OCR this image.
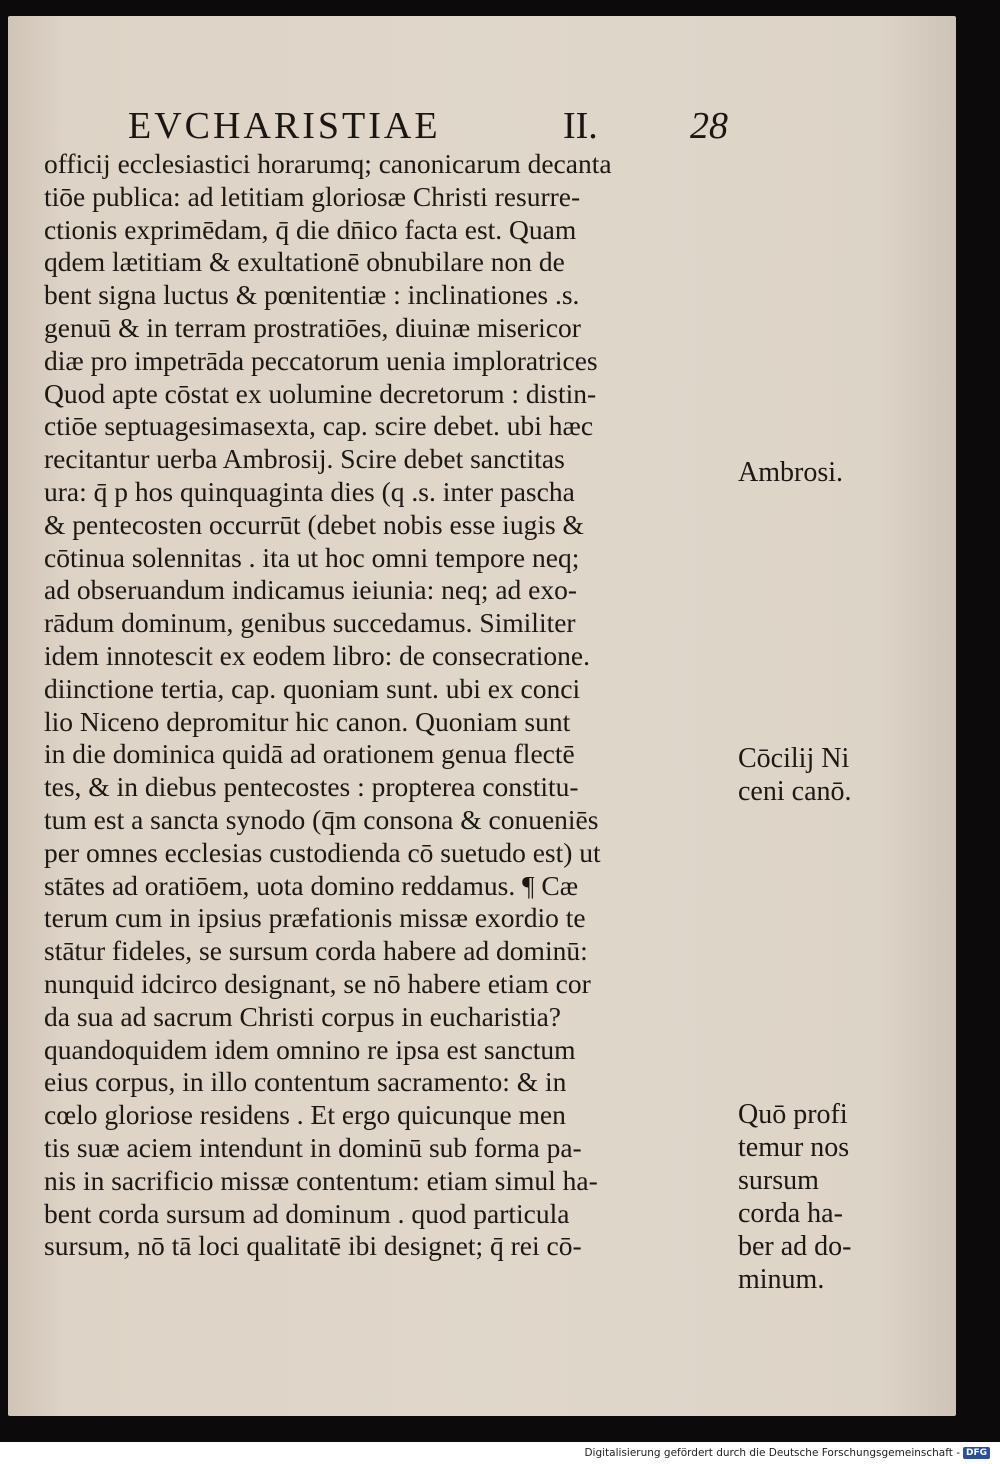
EVCHARISTIAE	II. 28
officij ecclesiastici horarumq; canonicarum decanta
tiōe publica: ad letitiam gloriosæ Christi resurre-
ctionis exprimēdam, q̄ die dn̄ico facta est. Quam
qdem lætitiam & exultationē obnubilare non de
bent signa luctus & pœnitentiæ : inclinationes .s.
genuū & in terram prostratiōes, diuinæ misericor
diæ pro impetrāda peccatorum uenia imploratrices
Quod apte cōstat ex uolumine decretorum : distin-
ctiōe septuagesimasexta, cap. scire debet. ubi hæc
recitantur uerba Ambrosij. Scire debet sanctitas
ura: q̄ p hos quinquaginta dies (q .s. inter pascha
& pentecosten occurrūt (debet nobis esse iugis &
cōtinua solennitas . ita ut hoc omni tempore neq;
ad obseruandum indicamus ieiunia: neq; ad exo-
rādum dominum, genibus succedamus. Similiter
idem innotescit ex eodem libro: de consecratione.
diinctione tertia, cap. quoniam sunt. ubi ex conci
lio Niceno depromitur hic canon. Quoniam sunt
in die dominica quidā ad orationem genua flectē
tes, & in diebus pentecostes : propterea constitu-
tum est a sancta synodo (q̄m consona & conueniēs
per omnes ecclesias custodienda cō suetudo est) ut
stātes ad oratiōem, uota domino reddamus. ¶ Cæ
terum cum in ipsius præfationis missæ exordio te
stātur fideles, se sursum corda habere ad dominū:
nunquid idcirco designant, se nō habere etiam cor
da sua ad sacrum Christi corpus in eucharistia?
quandoquidem idem omnino re ipsa est sanctum
eius corpus, in illo contentum sacramento: & in
cœlo gloriose residens . Et ergo quicunque men
tis suæ aciem intendunt in dominū sub forma pa-
nis in sacrificio missæ contentum: etiam simul ha-
bent corda sursum ad dominum . quod particula
sursum, nō tā loci qualitatē ibi designet; q̄ rei cō-
Ambrosi.
Cōcilij Ni
ceni canō.
Quō profi
temur nos
sursum
corda ha-
ber ad do-
minum.
Digitalisierung gefördert durch die Deutsche Forschungsgemeinschaft - DFG
